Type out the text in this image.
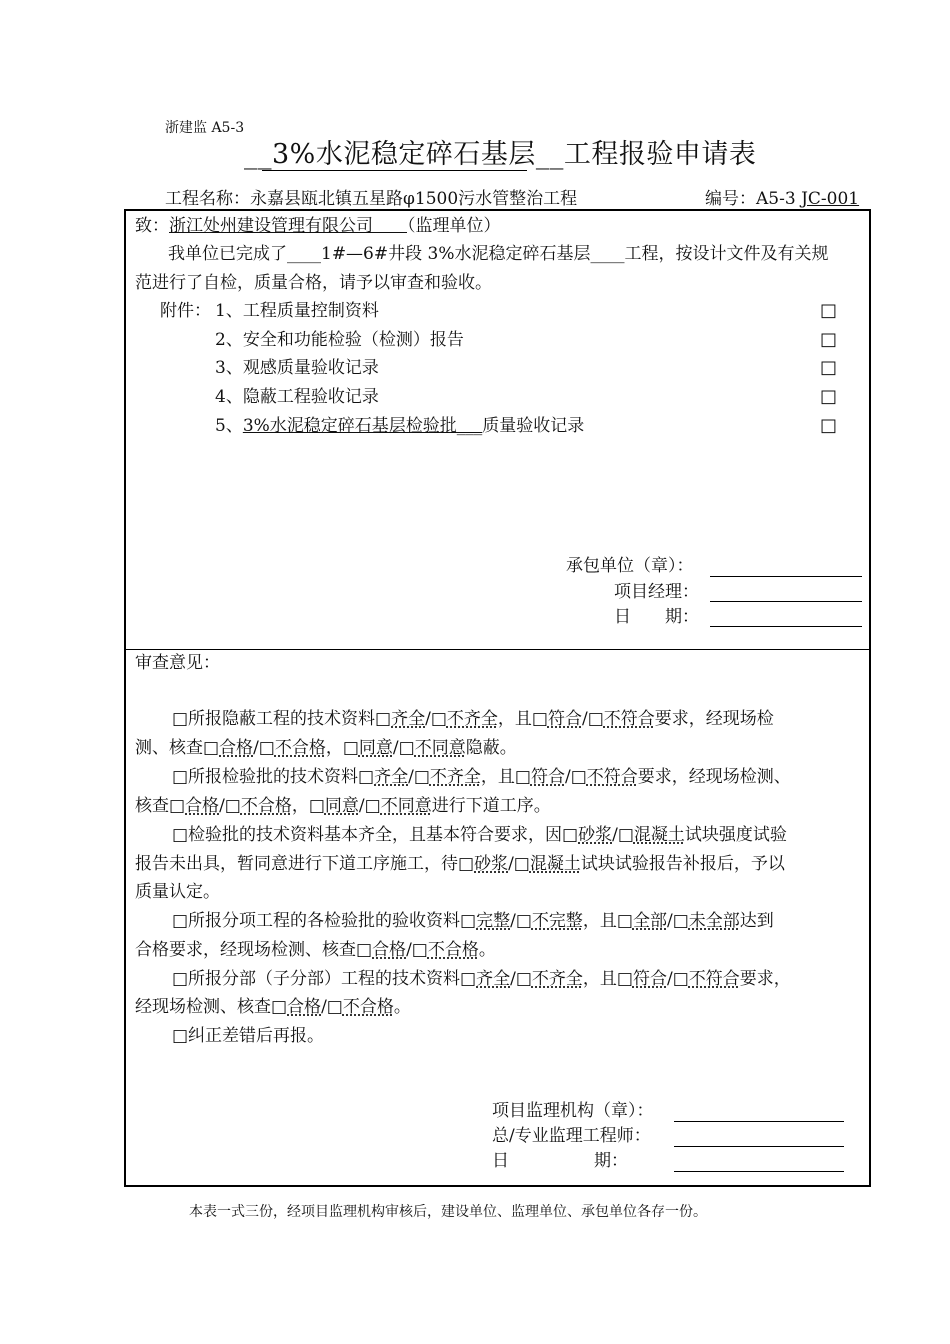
浙建监 A5-3
__3%水泥稳定碎石基层__工程报验申请表
工程名称：永嘉县瓯北镇五星路φ1500污水管整治工程	编号：A5-3 JC-001
致：浙江处州建设管理有限公司　　 （监理单位）
我单位已完成了____1#—6#井段 3%水泥稳定碎石基层____工程，按设计文件及有关规
范进行了自检，质量合格，请予以审查和验收。
附件： 1、工程质量控制资料
2、安全和功能检验（检测）报告
3、观感质量验收记录
4、隐蔽工程验收记录
5、3%水泥稳定碎石基层检验批___质量验收记录
□
□
□
□
□
承包单位（章）：
项目经理：
日　　期：
审查意见：
□所报隐蔽工程的技术资料□齐全/□不齐全，且□符合/□不符合要求，经现场检
测、核查□合格/□不合格，□同意/□不同意隐蔽。
□所报检验批的技术资料□齐全/□不齐全，且□符合/□不符合要求，经现场检测、
核查□合格/□不合格，□同意/□不同意进行下道工序。
□检验批的技术资料基本齐全，且基本符合要求，因□砂浆/□混凝土试块强度试验
报告未出具，暂同意进行下道工序施工，待□砂浆/□混凝土试块试验报告补报后，予以
质量认定。
□所报分项工程的各检验批的验收资料□完整/□不完整，且□全部/□未全部达到
合格要求，经现场检测、核查□合格/□不合格。
□所报分部（子分部）工程的技术资料□齐全/□不齐全，且□符合/□不符合要求，
经现场检测、核查□合格/□不合格。
□纠正差错后再报。
项目监理机构（章）：
总/专业监理工程师：
日　　　　　期：
本表一式三份，经项目监理机构审核后，建设单位、监理单位、承包单位各存一份。
